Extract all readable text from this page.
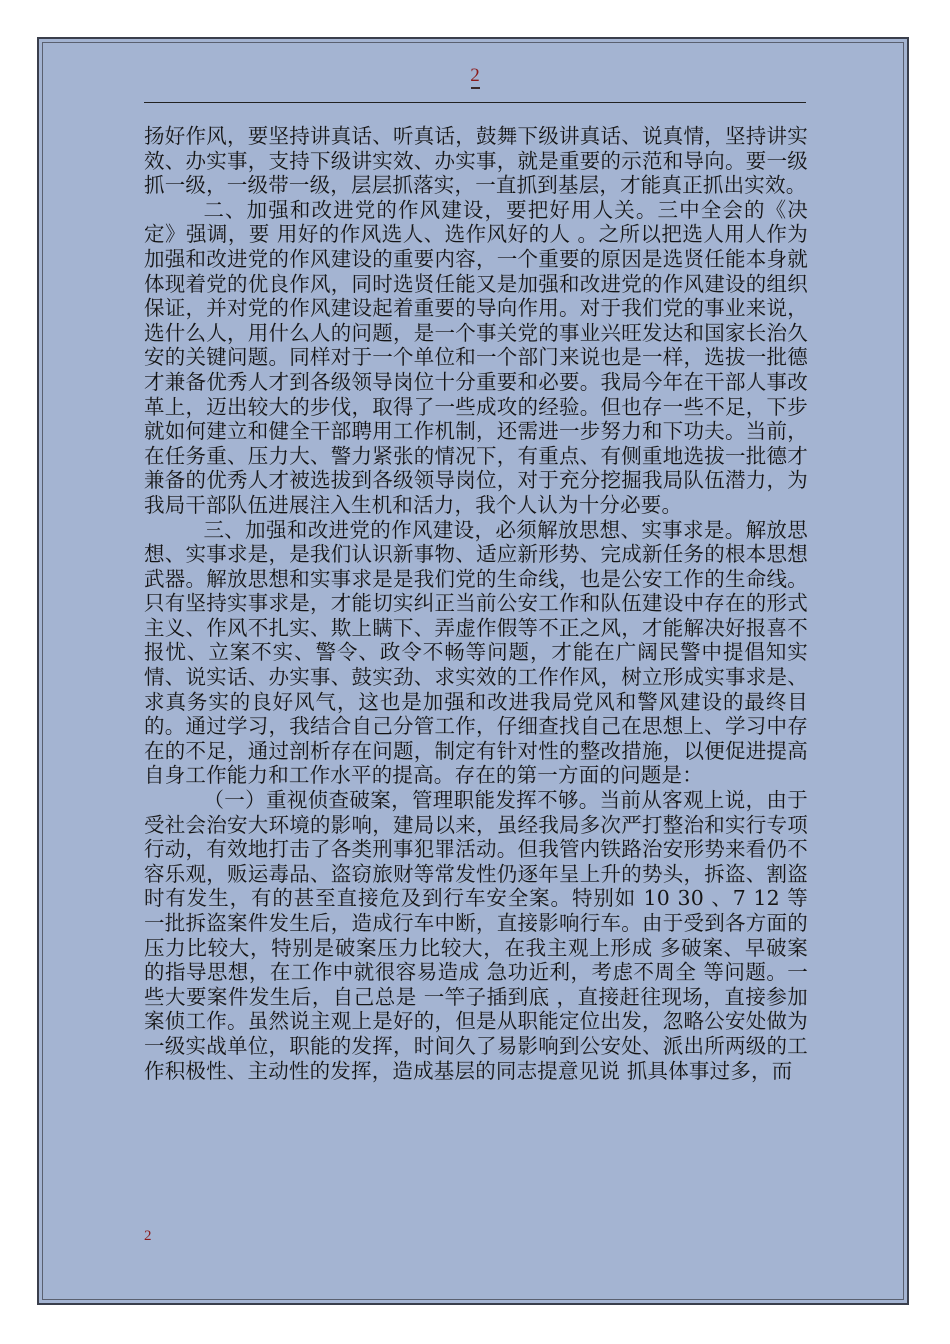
2

扬好作风，要坚持讲真话、听真话，鼓舞下级讲真话、说真情，坚持讲实效、办实事，支持下级讲实效、办实事，就是重要的示范和导向。要一级抓一级，一级带一级，层层抓落实，一直抓到基层，才能真正抓出实效。

二、加强和改进党的作风建设，要把好用人关。三中全会的《决定》强调，要 用好的作风选人、选作风好的人 。之所以把选人用人作为加强和改进党的作风建设的重要内容，一个重要的原因是选贤任能本身就体现着党的优良作风，同时选贤任能又是加强和改进党的作风建设的组织保证，并对党的作风建设起着重要的导向作用。对于我们党的事业来说，选什么人，用什么人的问题，是一个事关党的事业兴旺发达和国家长治久安的关键问题。同样对于一个单位和一个部门来说也是一样，选拔一批德才兼备优秀人才到各级领导岗位十分重要和必要。我局今年在干部人事改革上，迈出较大的步伐，取得了一些成攻的经验。但也存一些不足，下步就如何建立和健全干部聘用工作机制，还需进一步努力和下功夫。当前，在任务重、压力大、警力紧张的情况下，有重点、有侧重地选拔一批德才兼备的优秀人才被选拔到各级领导岗位，对于充分挖掘我局队伍潜力，为我局干部队伍进展注入生机和活力，我个人认为十分必要。

三、加强和改进党的作风建设，必须解放思想、实事求是。解放思想、实事求是，是我们认识新事物、适应新形势、完成新任务的根本思想武器。解放思想和实事求是是我们党的生命线，也是公安工作的生命线。只有坚持实事求是，才能切实纠正当前公安工作和队伍建设中存在的形式主义、作风不扎实、欺上瞒下、弄虚作假等不正之风，才能解决好报喜不报忧、立案不实、警令、政令不畅等问题，才能在广阔民警中提倡知实情、说实话、办实事、鼓实劲、求实效的工作作风，树立形成实事求是、求真务实的良好风气，这也是加强和改进我局党风和警风建设的最终目的。通过学习，我结合自己分管工作，仔细查找自己在思想上、学习中存在的不足，通过剖析存在问题，制定有针对性的整改措施，以便促进提高自身工作能力和工作水平的提高。存在的第一方面的问题是：

（一）重视侦查破案，管理职能发挥不够。当前从客观上说，由于受社会治安大环境的影响，建局以来，虽经我局多次严打整治和实行专项行动，有效地打击了各类刑事犯罪活动。但我管内铁路治安形势来看仍不容乐观，贩运毒品、盗窃旅财等常发性仍逐年呈上升的势头，拆盗、割盗时有发生，有的甚至直接危及到行车安全案。特别如 10 30 、7 12 等一批拆盗案件发生后，造成行车中断，直接影响行车。由于受到各方面的压力比较大，特别是破案压力比较大，在我主观上形成 多破案、早破案 的指导思想，在工作中就很容易造成 急功近利，考虑不周全 等问题。一些大要案件发生后，自己总是 一竿子插到底 ，直接赶往现场，直接参加案侦工作。虽然说主观上是好的，但是从职能定位出发，忽略公安处做为一级实战单位，职能的发挥，时间久了易影响到公安处、派出所两级的工作积极性、主动性的发挥，造成基层的同志提意见说 抓具体事过多，而

2
